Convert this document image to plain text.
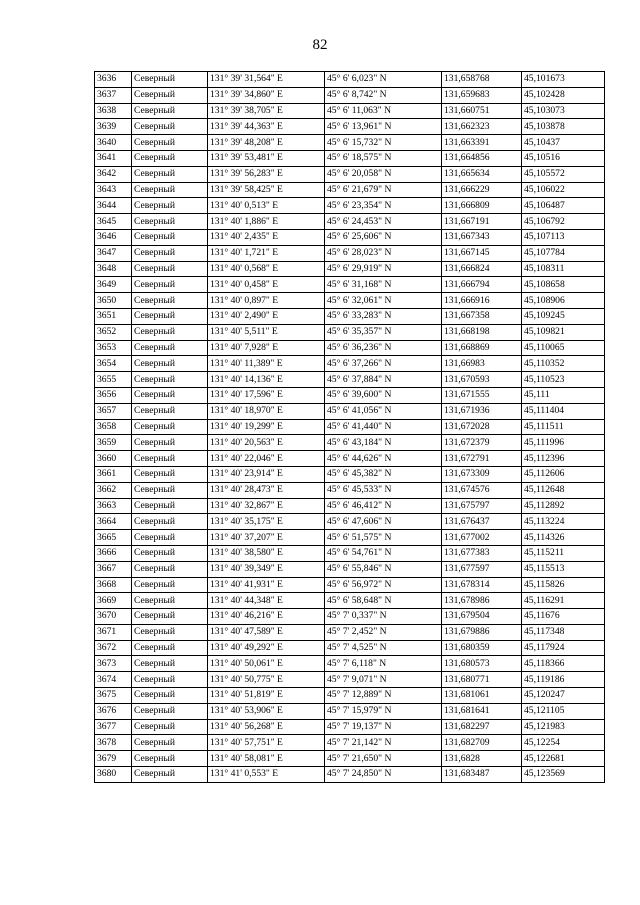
82
3636	Северный	131° 39' 31,564" E	45° 6' 6,023" N	131,658768	45,101673
3637	Северный	131° 39' 34,860" E	45° 6' 8,742" N	131,659683	45,102428
3638	Северный	131° 39' 38,705" E	45° 6' 11,063" N	131,660751	45,103073
3639	Северный	131° 39' 44,363" E	45° 6' 13,961" N	131,662323	45,103878
3640	Северный	131° 39' 48,208" E	45° 6' 15,732" N	131,663391	45,10437
3641	Северный	131° 39' 53,481" E	45° 6' 18,575" N	131,664856	45,10516
3642	Северный	131° 39' 56,283" E	45° 6' 20,058" N	131,665634	45,105572
3643	Северный	131° 39' 58,425" E	45° 6' 21,679" N	131,666229	45,106022
3644	Северный	131° 40' 0,513" E	45° 6' 23,354" N	131,666809	45,106487
3645	Северный	131° 40' 1,886" E	45° 6' 24,453" N	131,667191	45,106792
3646	Северный	131° 40' 2,435" E	45° 6' 25,606" N	131,667343	45,107113
3647	Северный	131° 40' 1,721" E	45° 6' 28,023" N	131,667145	45,107784
3648	Северный	131° 40' 0,568" E	45° 6' 29,919" N	131,666824	45,108311
3649	Северный	131° 40' 0,458" E	45° 6' 31,168" N	131,666794	45,108658
3650	Северный	131° 40' 0,897" E	45° 6' 32,061" N	131,666916	45,108906
3651	Северный	131° 40' 2,490" E	45° 6' 33,283" N	131,667358	45,109245
3652	Северный	131° 40' 5,511" E	45° 6' 35,357" N	131,668198	45,109821
3653	Северный	131° 40' 7,928" E	45° 6' 36,236" N	131,668869	45,110065
3654	Северный	131° 40' 11,389" E	45° 6' 37,266" N	131,66983	45,110352
3655	Северный	131° 40' 14,136" E	45° 6' 37,884" N	131,670593	45,110523
3656	Северный	131° 40' 17,596" E	45° 6' 39,600" N	131,671555	45,111
3657	Северный	131° 40' 18,970" E	45° 6' 41,056" N	131,671936	45,111404
3658	Северный	131° 40' 19,299" E	45° 6' 41,440" N	131,672028	45,111511
3659	Северный	131° 40' 20,563" E	45° 6' 43,184" N	131,672379	45,111996
3660	Северный	131° 40' 22,046" E	45° 6' 44,626" N	131,672791	45,112396
3661	Северный	131° 40' 23,914" E	45° 6' 45,382" N	131,673309	45,112606
3662	Северный	131° 40' 28,473" E	45° 6' 45,533" N	131,674576	45,112648
3663	Северный	131° 40' 32,867" E	45° 6' 46,412" N	131,675797	45,112892
3664	Северный	131° 40' 35,175" E	45° 6' 47,606" N	131,676437	45,113224
3665	Северный	131° 40' 37,207" E	45° 6' 51,575" N	131,677002	45,114326
3666	Северный	131° 40' 38,580" E	45° 6' 54,761" N	131,677383	45,115211
3667	Северный	131° 40' 39,349" E	45° 6' 55,846" N	131,677597	45,115513
3668	Северный	131° 40' 41,931" E	45° 6' 56,972" N	131,678314	45,115826
3669	Северный	131° 40' 44,348" E	45° 6' 58,648" N	131,678986	45,116291
3670	Северный	131° 40' 46,216" E	45° 7' 0,337" N	131,679504	45,11676
3671	Северный	131° 40' 47,589" E	45° 7' 2,452" N	131,679886	45,117348
3672	Северный	131° 40' 49,292" E	45° 7' 4,525" N	131,680359	45,117924
3673	Северный	131° 40' 50,061" E	45° 7' 6,118" N	131,680573	45,118366
3674	Северный	131° 40' 50,775" E	45° 7' 9,071" N	131,680771	45,119186
3675	Северный	131° 40' 51,819" E	45° 7' 12,889" N	131,681061	45,120247
3676	Северный	131° 40' 53,906" E	45° 7' 15,979" N	131,681641	45,121105
3677	Северный	131° 40' 56,268" E	45° 7' 19,137" N	131,682297	45,121983
3678	Северный	131° 40' 57,751" E	45° 7' 21,142" N	131,682709	45,12254
3679	Северный	131° 40' 58,081" E	45° 7' 21,650" N	131,6828	45,122681
3680	Северный	131° 41' 0,553" E	45° 7' 24,850" N	131,683487	45,123569
